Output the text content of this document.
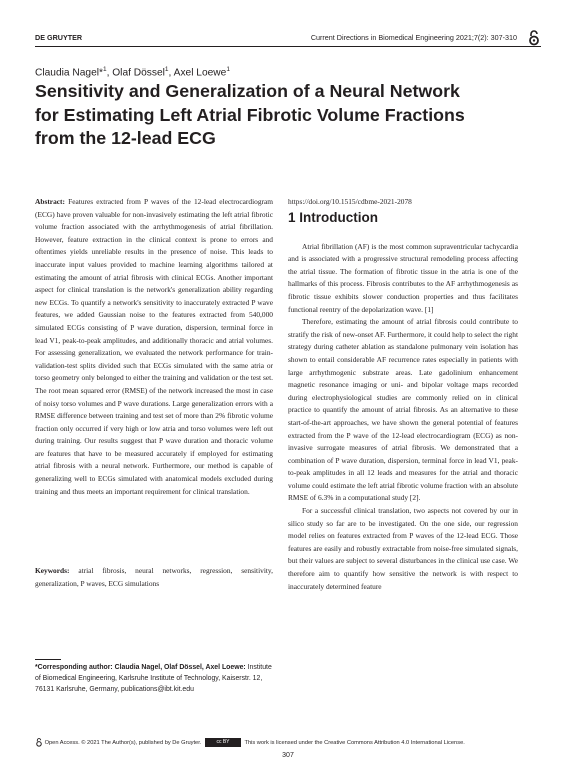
DE GRUYTER	Current Directions in Biomedical Engineering 2021;7(2): 307-310
Claudia Nagel*$^1$, Olaf Dössel$^1$, Axel Loewe$^1$
Sensitivity and Generalization of a Neural Network for Estimating Left Atrial Fibrotic Volume Fractions from the 12-lead ECG

Abstract: Features extracted from P waves of the 12-lead electrocardiogram (ECG) have proven valuable for non-invasively estimating the left atrial fibrotic volume fraction associated with the arrhythmogenesis of atrial fibrillation. However, feature extraction in the clinical context is prone to errors and oftentimes yields unreliable results in the presence of noise. This leads to inaccurate input values provided to machine learning algorithms tailored at estimating the amount of atrial fibrosis with clinical ECGs. Another important aspect for clinical translation is the network's generalization ability regarding new ECGs. To quantify a network's sensitivity to inaccurately extracted P wave features, we added Gaussian noise to the features extracted from 540,000 simulated ECGs consisting of P wave duration, dispersion, terminal force in lead V1, peak-to-peak amplitudes, and additionally thoracic and atrial volumes. For assessing generalization, we evaluated the network performance for train-validation-test splits divided such that ECGs simulated with the same atria or torso geometry only belonged to either the training and validation or the test set. The root mean squared error (RMSE) of the network increased the most in case of noisy torso volumes and P wave durations. Large generalization errors with a RMSE difference between training and test set of more than 2% fibrotic volume fraction only occurred if very high or low atria and torso volumes were left out during training. Our results suggest that P wave duration and thoracic volume are features that have to be measured accurately if employed for estimating atrial fibrosis with a neural network. Furthermore, our method is capable of generalizing well to ECGs simulated with anatomical models excluded during training and thus meets an important requirement for clinical translation.

Keywords: atrial fibrosis, neural networks, regression, sensitivity, generalization, P waves, ECG simulations

*Corresponding author: Claudia Nagel, Olaf Dössel, Axel Loewe: Institute of Biomedical Engineering, Karlsruhe Institute of Technology, Kaiserstr. 12, 76131 Karlsruhe, Germany, publications@ibt.kit.edu

https://doi.org/10.1515/cdbme-2021-2078

1 Introduction

Atrial fibrillation (AF) is the most common supraventricular tachycardia and is associated with a progressive structural remodeling process affecting the atrial tissue. The formation of fibrotic tissue in the atria is one of the hallmarks of this process. Fibrosis contributes to the AF arrhythmogenesis as fibrotic tissue exhibits slower conduction properties and thus facilitates functional reentry of the depolarization wave. [1]

Therefore, estimating the amount of atrial fibrosis could contribute to stratify the risk of new-onset AF. Furthermore, it could help to select the right strategy during catheter ablation as standalone pulmonary vein isolation has shown to entail considerable AF recurrence rates especially in patients with large arrhythmogenic substrate areas. Late gadolinium enhancement magnetic resonance imaging or uni- and bipolar voltage maps recorded during electrophysiological studies are commonly relied on in clinical practice to quantify the amount of atrial fibrosis. As an alternative to these start-of-the-art approaches, we have shown the general potential of features extracted from the P wave of the 12-lead electrocardiogram (ECG) as non-invasive surrogate measures of atrial fibrosis. We demonstrated that a combination of P wave duration, dispersion, terminal force in lead V1, peak-to-peak amplitudes in all 12 leads and measures for the atrial and thoracic volume could estimate the left atrial fibrotic volume fraction with an absolute RMSE of 6.3% in a computational study [2].

For a successful clinical translation, two aspects not covered by our in silico study so far are to be investigated. On the one side, our regression model relies on features extracted from P waves of the 12-lead ECG. Those features are easily and robustly extractable from noise-free simulated signals, but their values are subject to several disturbances in the clinical use case. We therefore aim to quantify how sensitive the network is with respect to inaccurately determined feature

Open Access. © 2021 The Author(s), published by De Gruyter.	cc BY	This work is licensed under the Creative Commons Attribution 4.0 International License.
307
